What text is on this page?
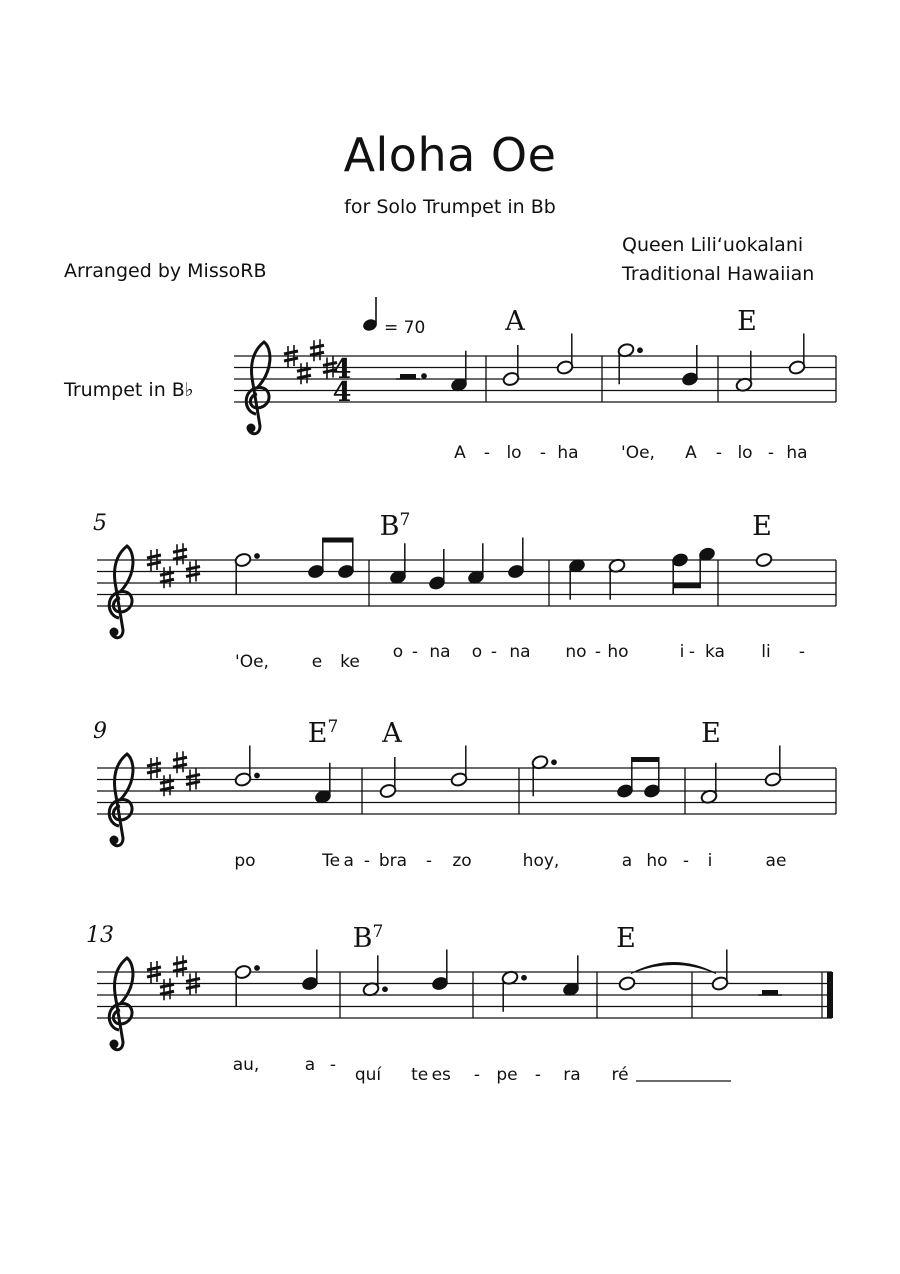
Aloha Oe
for Solo Trumpet in Bb
Queen Lili‘uokalani
Traditional Hawaiian
Arranged by MissoRB
Trumpet in B♭
4
4
5
9
13
= 70	A	E
$B^7$	E
$E^7$ A	E
$B^7$	E
A - lo - ha 'Oe, A - lo - ha
'Oe,	e ke o - na o - na no - ho	i - ka li -
po	Te a - bra - zo	hoy,	a ho - i	ae
au,	a - quí te es - pe - ra ré
